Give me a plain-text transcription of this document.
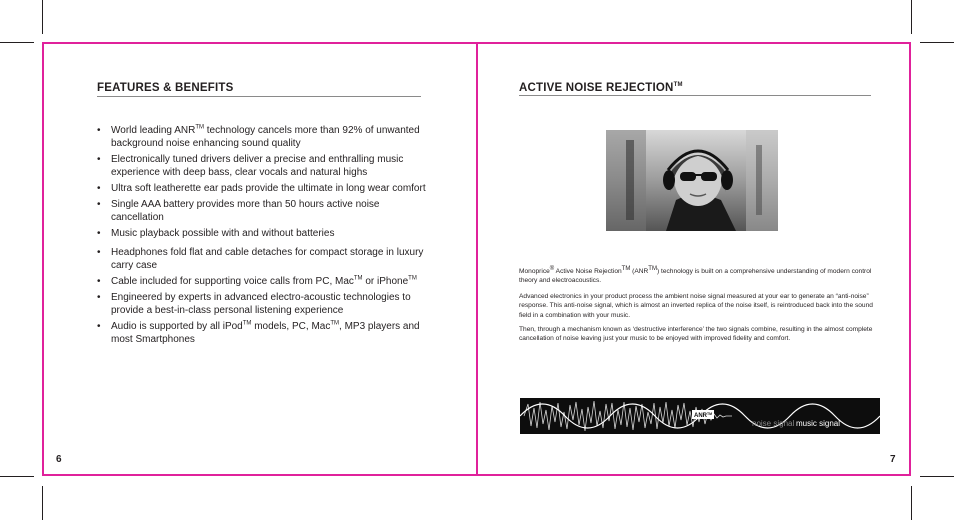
FEATURES & BENEFITS
• World leading ANR™ technology cancels more than 92% of unwanted background noise enhancing sound quality
• Electronically tuned drivers deliver a precise and enthralling music experience with deep bass, clear vocals and natural highs
• Ultra soft leatherette ear pads provide the ultimate in long wear comfort
• Single AAA battery provides more than 50 hours active noise cancellation
• Music playback possible with and without batteries
• Headphones fold flat and cable detaches for compact storage in luxury carry case
• Cable included for supporting voice calls from PC, Mac™ or iPhone™
• Engineered by experts in advanced electro-acoustic technologies to provide a best-in-class personal listening experience
• Audio is supported by all iPod™ models, PC, Mac™, MP3 players and most Smartphones
6
ACTIVE NOISE REJECTION™

Monoprice® Active Noise Rejection™ (ANR™) technology is built on a comprehensive understanding of modern control theory and electroacoustics.

Advanced electronics in your product process the ambient noise signal measured at your ear to generate an “anti-noise” response. This anti-noise signal, which is almost an inverted replica of the noise itself, is reintroduced back into the sound field in a combination with your music.

Then, through a mechanism known as ‘destructive interference’ the two signals combine, resulting in the almost complete cancellation of noise leaving just your music to be enjoyed with improved fidelity and comfort.

ANR™
noise signal music signal
7
